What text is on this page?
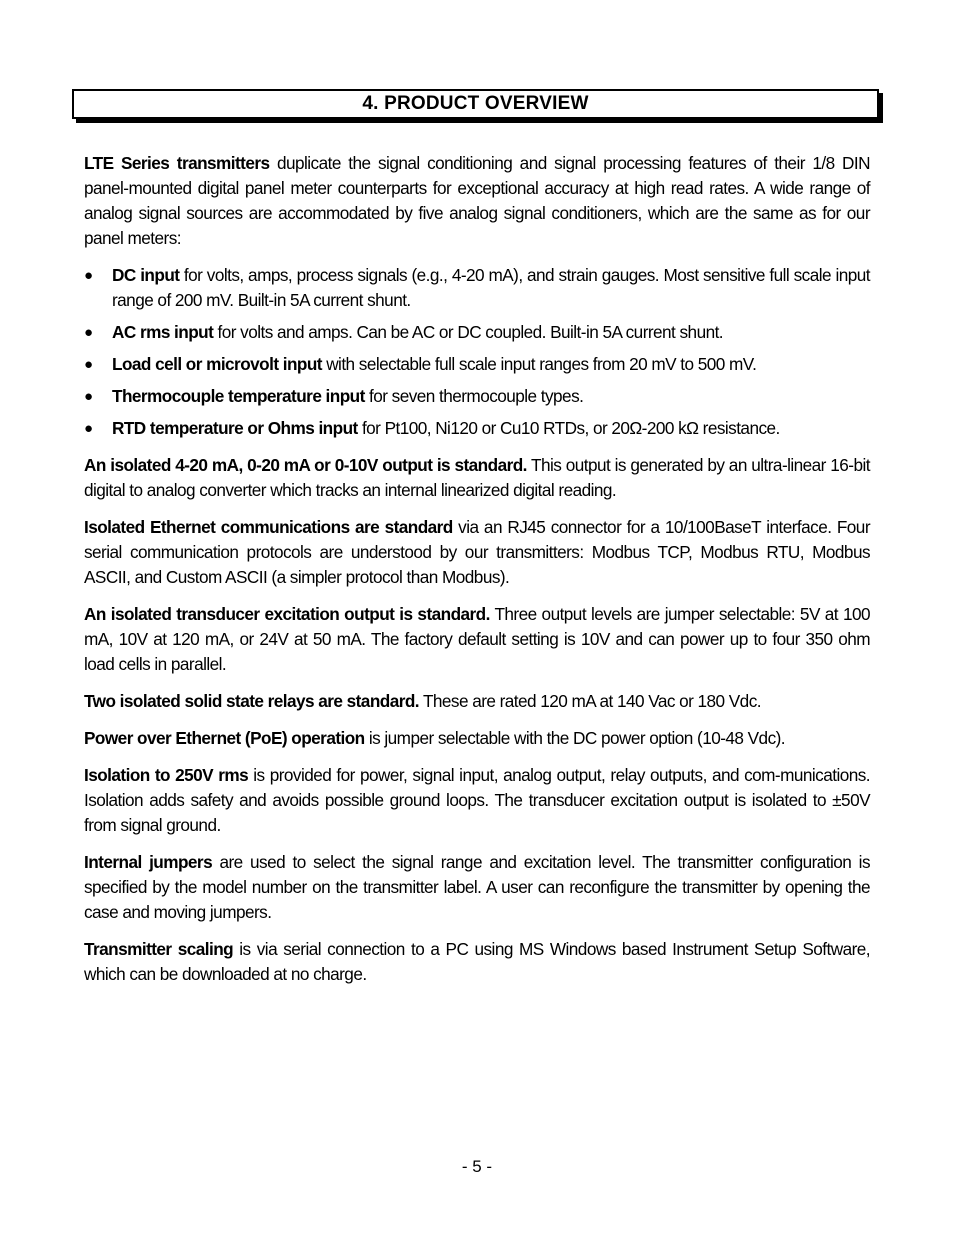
4. PRODUCT OVERVIEW

LTE Series transmitters duplicate the signal conditioning and signal processing features of their 1/8 DIN panel-mounted digital panel meter counterparts for exceptional accuracy at high read rates. A wide range of analog signal sources are accommodated by five analog signal conditioners, which are the same as for our panel meters:

● DC input for volts, amps, process signals (e.g., 4-20 mA), and strain gauges. Most sensitive full scale input range of 200 mV. Built-in 5A current shunt.
● AC rms input for volts and amps. Can be AC or DC coupled. Built-in 5A current shunt.
● Load cell or microvolt input with selectable full scale input ranges from 20 mV to 500 mV.
● Thermocouple temperature input for seven thermocouple types.
● RTD temperature or Ohms input for Pt100, Ni120 or Cu10 RTDs, or 20Ω-200 kΩ resistance.

An isolated 4-20 mA, 0-20 mA or 0-10V output is standard. This output is generated by an ultra-linear 16-bit digital to analog converter which tracks an internal linearized digital reading.

Isolated Ethernet communications are standard via an RJ45 connector for a 10/100BaseT interface. Four serial communication protocols are understood by our transmitters: Modbus TCP, Modbus RTU, Modbus ASCII, and Custom ASCII (a simpler protocol than Modbus).

An isolated transducer excitation output is standard. Three output levels are jumper selectable: 5V at 100 mA, 10V at 120 mA, or 24V at 50 mA. The factory default setting is 10V and can power up to four 350 ohm load cells in parallel.

Two isolated solid state relays are standard. These are rated 120 mA at 140 Vac or 180 Vdc.

Power over Ethernet (PoE) operation is jumper selectable with the DC power option (10-48 Vdc).

Isolation to 250V rms is provided for power, signal input, analog output, relay outputs, and com-munications. Isolation adds safety and avoids possible ground loops. The transducer excitation output is isolated to ±50V from signal ground.

Internal jumpers are used to select the signal range and excitation level. The transmitter configuration is specified by the model number on the transmitter label. A user can reconfigure the transmitter by opening the case and moving jumpers.

Transmitter scaling is via serial connection to a PC using MS Windows based Instrument Setup Software, which can be downloaded at no charge.

- 5 -
